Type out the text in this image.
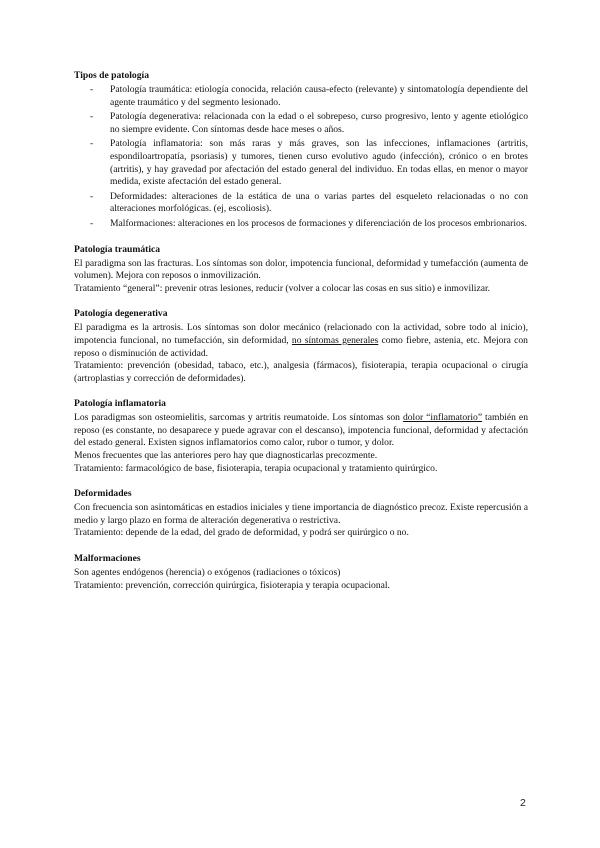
Tipos de patología
- Patología traumática: etiología conocida, relación causa-efecto (relevante) y sintomatología dependiente del agente traumático y del segmento lesionado.
- Patología degenerativa: relacionada con la edad o el sobrepeso, curso progresivo, lento y agente etiológico no siempre evidente. Con síntomas desde hace meses o años.
- Patología inflamatoria: son más raras y más graves, son las infecciones, inflamaciones (artritis, espondiloartropatía, psoriasis) y tumores, tienen curso evolutivo agudo (infección), crónico o en brotes (artritis), y hay gravedad por afectación del estado general del individuo. En todas ellas, en menor o mayor medida, existe afectación del estado general.
- Deformidades: alteraciones de la estática de una o varias partes del esqueleto relacionadas o no con alteraciones morfológicas. (ej, escoliosis).
- Malformaciones: alteraciones en los procesos de formaciones y diferenciación de los procesos embrionarios.
Patología traumática

El paradigma son las fracturas. Los síntomas son dolor, impotencia funcional, deformidad y tumefacción (aumenta de volumen). Mejora con reposos o inmovilización.

Tratamiento “general”: prevenir otras lesiones, reducir (volver a colocar las cosas en sus sitio) e inmovilizar.

Patología degenerativa

El paradigma es la artrosis. Los síntomas son dolor mecánico (relacionado con la actividad, sobre todo al inicio), impotencia funcional, no tumefacción, sin deformidad, no síntomas generales como fiebre, astenia, etc. Mejora con reposo o disminución de actividad.

Tratamiento: prevención (obesidad, tabaco, etc.), analgesia (fármacos), fisioterapia, terapia ocupacional o cirugía (artroplastias y corrección de deformidades).

Patología inflamatoria

Los paradigmas son osteomielitis, sarcomas y artritis reumatoide. Los síntomas son dolor “inflamatorio” también en reposo (es constante, no desaparece y puede agravar con el descanso), impotencia funcional, deformidad y afectación del estado general. Existen signos inflamatorios como calor, rubor o tumor, y dolor.

Menos frecuentes que las anteriores pero hay que diagnosticarlas precozmente.

Tratamiento: farmacológico de base, fisioterapia, terapia ocupacional y tratamiento quirúrgico.

Deformidades

Con frecuencia son asintomáticas en estadios iniciales y tiene importancia de diagnóstico precoz. Existe repercusión a medio y largo plazo en forma de alteración degenerativa o restrictiva.

Tratamiento: depende de la edad, del grado de deformidad, y podrá ser quirúrgico o no.

Malformaciones

Son agentes endógenos (herencia) o exógenos (radiaciones o tóxicos)

Tratamiento: prevención, corrección quirúrgica, fisioterapia y terapia ocupacional.

2
